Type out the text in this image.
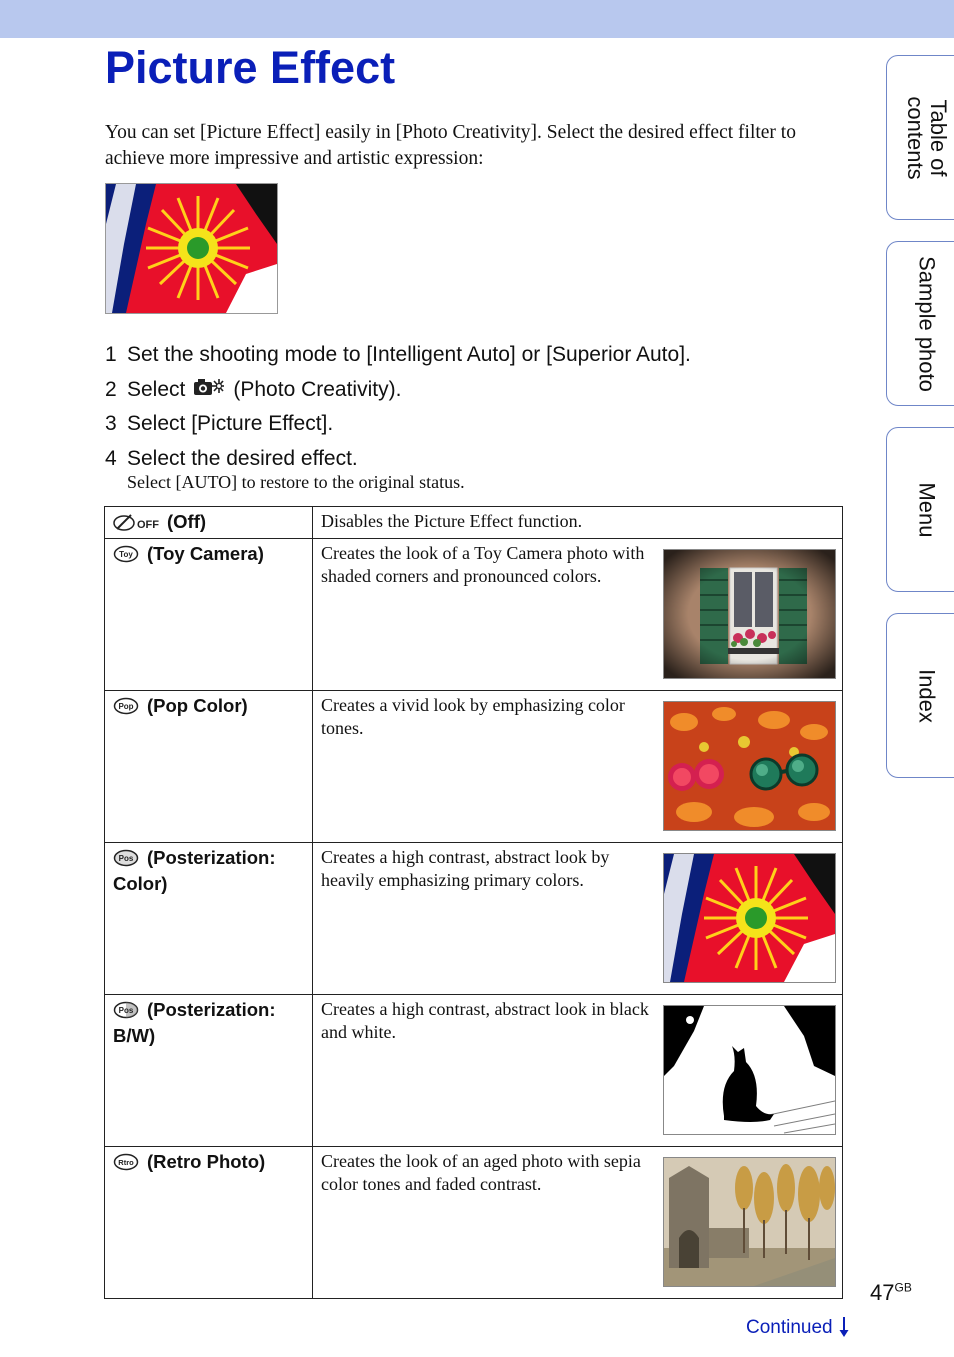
Picture Effect

You can set [Picture Effect] easily in [Photo Creativity]. Select the desired effect filter to achieve more impressive and artistic expression:

1 Set the shooting mode to [Intelligent Auto] or [Superior Auto].
2 Select (Photo Creativity).
3 Select [Picture Effect].
4 Select the desired effect.
Select [AUTO] to restore to the original status.
OFF (Off)	Disables the Picture Effect function.

Toy (Toy Camera)	Creates the look of a Toy Camera photo with shaded corners and pronounced colors.

Pop (Pop Color)	Creates a vivid look by emphasizing color tones.

Pos (Posterization: Color)	Creates a high contrast, abstract look by heavily emphasizing primary colors.

Pos (Posterization: B/W)	Creates a high contrast, abstract look in black and white.

Rtro (Retro Photo)	Creates the look of an aged photo with sepia color tones and faded contrast.
Table of contents
Sample photo
Menu
Index
$47^{GB}$
Continued
